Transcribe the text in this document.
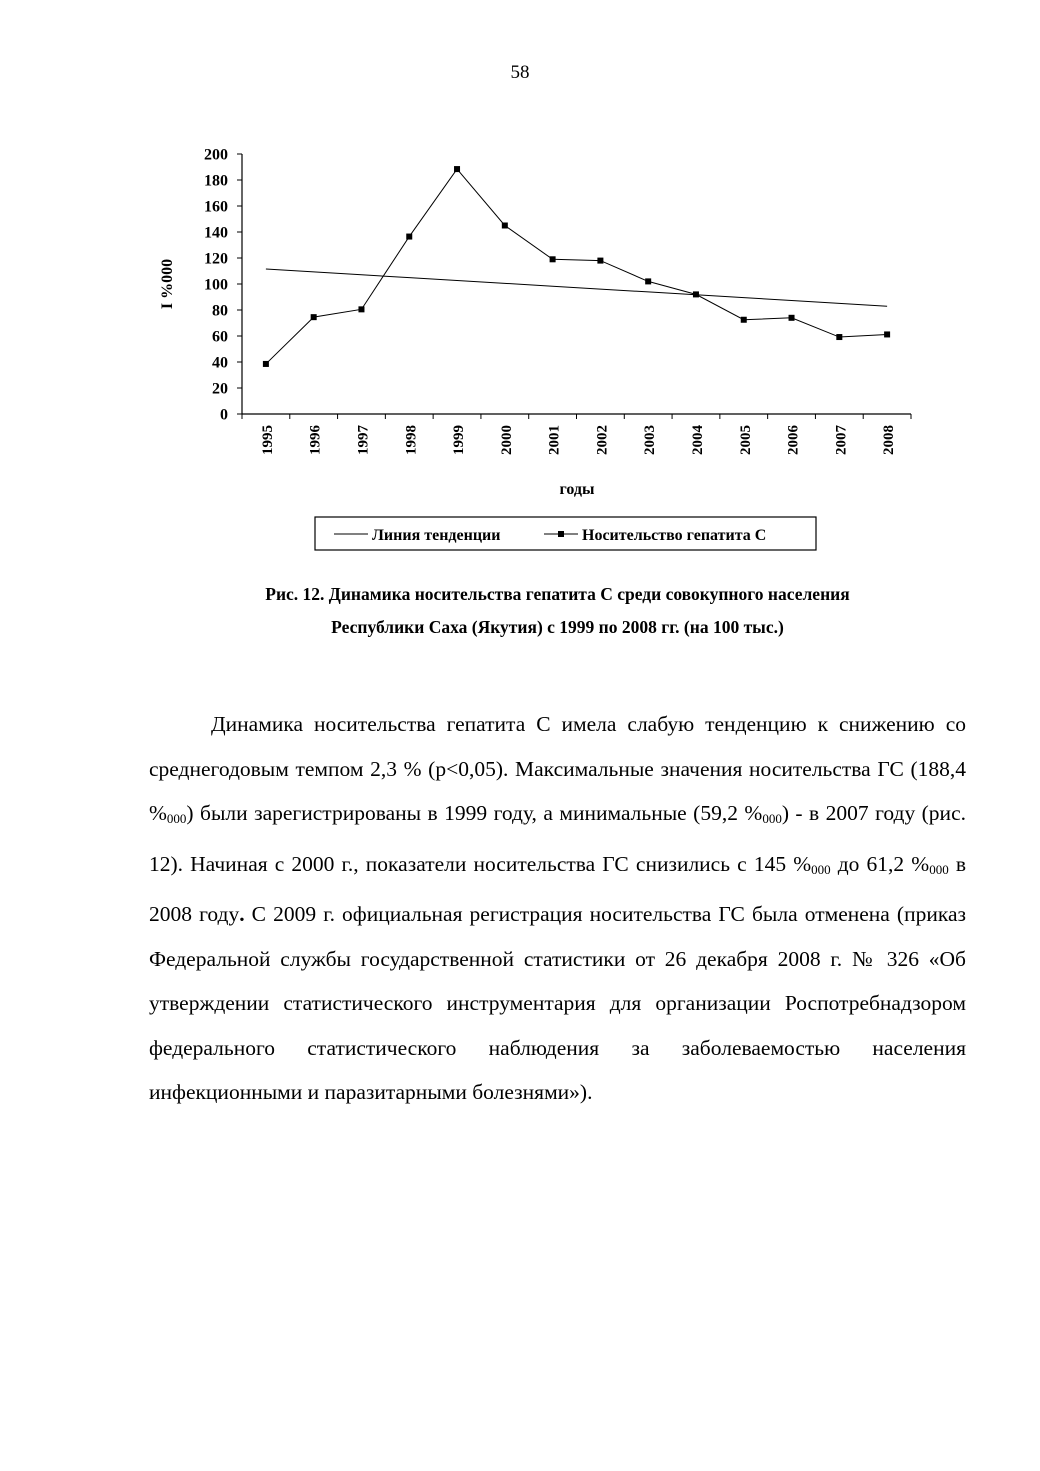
58
0
20
40
60
80
100
120
140
160
180
200
1995 1996 1997 1998 1999 2000 2001 2002 2003 2004 2005 2006 2007 2008
I %000
годы
Линия тенденции	Носительство гепатита С
Рис. 12. Динамика носительства гепатита С среди совокупного населения
Республики Саха (Якутия) с 1999 по 2008 гг. (на 100 тыс.)

Динамика носительства гепатита С имела слабую тенденцию к снижению со среднегодовым темпом 2,3 % (р<0,05). Максимальные значения носительства ГС (188,4 $\%_{000}$) были зарегистрированы в 1999 году, а минимальные (59,2 $\%_{000}$) - в 2007 году (рис. 12). Начиная с 2000 г., показатели носительства ГС снизились с 145 $\%_{000}$ до 61,2 $\%_{000}$ в 2008 году. С 2009 г. официальная регистрация носительства ГС была отменена (приказ Федеральной службы государственной статистики от 26 декабря 2008 г. № 326 «Об утверждении статистического инструментария для организации Роспотребнадзором федерального статистического наблюдения за заболеваемостью населения инфекционными и паразитарными болезнями»).
